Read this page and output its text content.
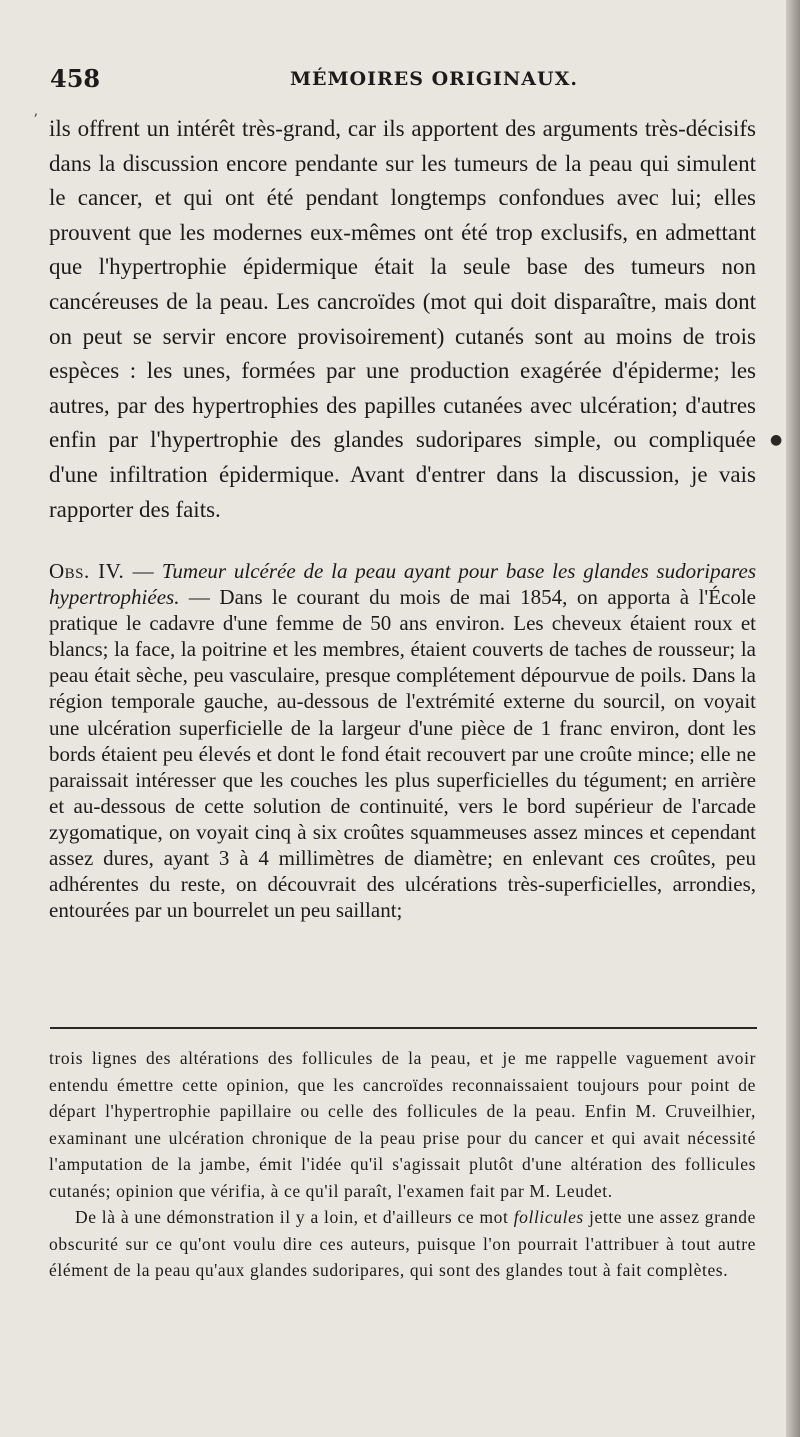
458	MÉMOIRES ORIGINAUX.
ʼ ils offrent un intérêt très-grand, car ils apportent des arguments très-décisifs dans la discussion encore pendante sur les tumeurs de la peau qui simulent le cancer, et qui ont été pendant longtemps confondues avec lui; elles prouvent que les modernes eux-mêmes ont été trop exclusifs, en admettant que l'hypertrophie épidermique était la seule base des tumeurs non cancéreuses de la peau. Les cancroïdes (mot qui doit disparaître, mais dont on peut se servir encore provisoirement) cutanés sont au moins de trois espèces : les unes, formées par une production exagérée d'épiderme; les autres, par des hypertrophies des papilles cutanées avec ulcération; d'autres enfin par l'hypertrophie des glandes sudoripares simple, ou compliquée d'une infiltration épidermique. Avant d'entrer dans la discussion, je vais rapporter des faits.

●

Obs. IV. — Tumeur ulcérée de la peau ayant pour base les glandes sudoripares hypertrophiées. — Dans le courant du mois de mai 1854, on apporta à l'École pratique le cadavre d'une femme de 50 ans environ. Les cheveux étaient roux et blancs; la face, la poitrine et les membres, étaient couverts de taches de rousseur; la peau était sèche, peu vasculaire, presque complétement dépourvue de poils. Dans la région temporale gauche, au-dessous de l'extrémité externe du sourcil, on voyait une ulcération superficielle de la largeur d'une pièce de 1 franc environ, dont les bords étaient peu élevés et dont le fond était recouvert par une croûte mince; elle ne paraissait intéresser que les couches les plus superficielles du tégument; en arrière et au-dessous de cette solution de continuité, vers le bord supérieur de l'arcade zygomatique, on voyait cinq à six croûtes squammeuses assez minces et cependant assez dures, ayant 3 à 4 millimètres de diamètre; en enlevant ces croûtes, peu adhérentes du reste, on découvrait des ulcérations très-superficielles, arrondies, entourées par un bourrelet un peu saillant;

trois lignes des altérations des follicules de la peau, et je me rappelle vaguement avoir entendu émettre cette opinion, que les cancroïdes reconnaissaient toujours pour point de départ l'hypertrophie papillaire ou celle des follicules de la peau. Enfin M. Cruveilhier, examinant une ulcération chronique de la peau prise pour du cancer et qui avait nécessité l'amputation de la jambe, émit l'idée qu'il s'agissait plutôt d'une altération des follicules cutanés; opinion que vérifia, à ce qu'il paraît, l'examen fait par M. Leudet.

De là à une démonstration il y a loin, et d'ailleurs ce mot follicules jette une assez grande obscurité sur ce qu'ont voulu dire ces auteurs, puisque l'on pourrait l'attribuer à tout autre élément de la peau qu'aux glandes sudoripares, qui sont des glandes tout à fait complètes.
